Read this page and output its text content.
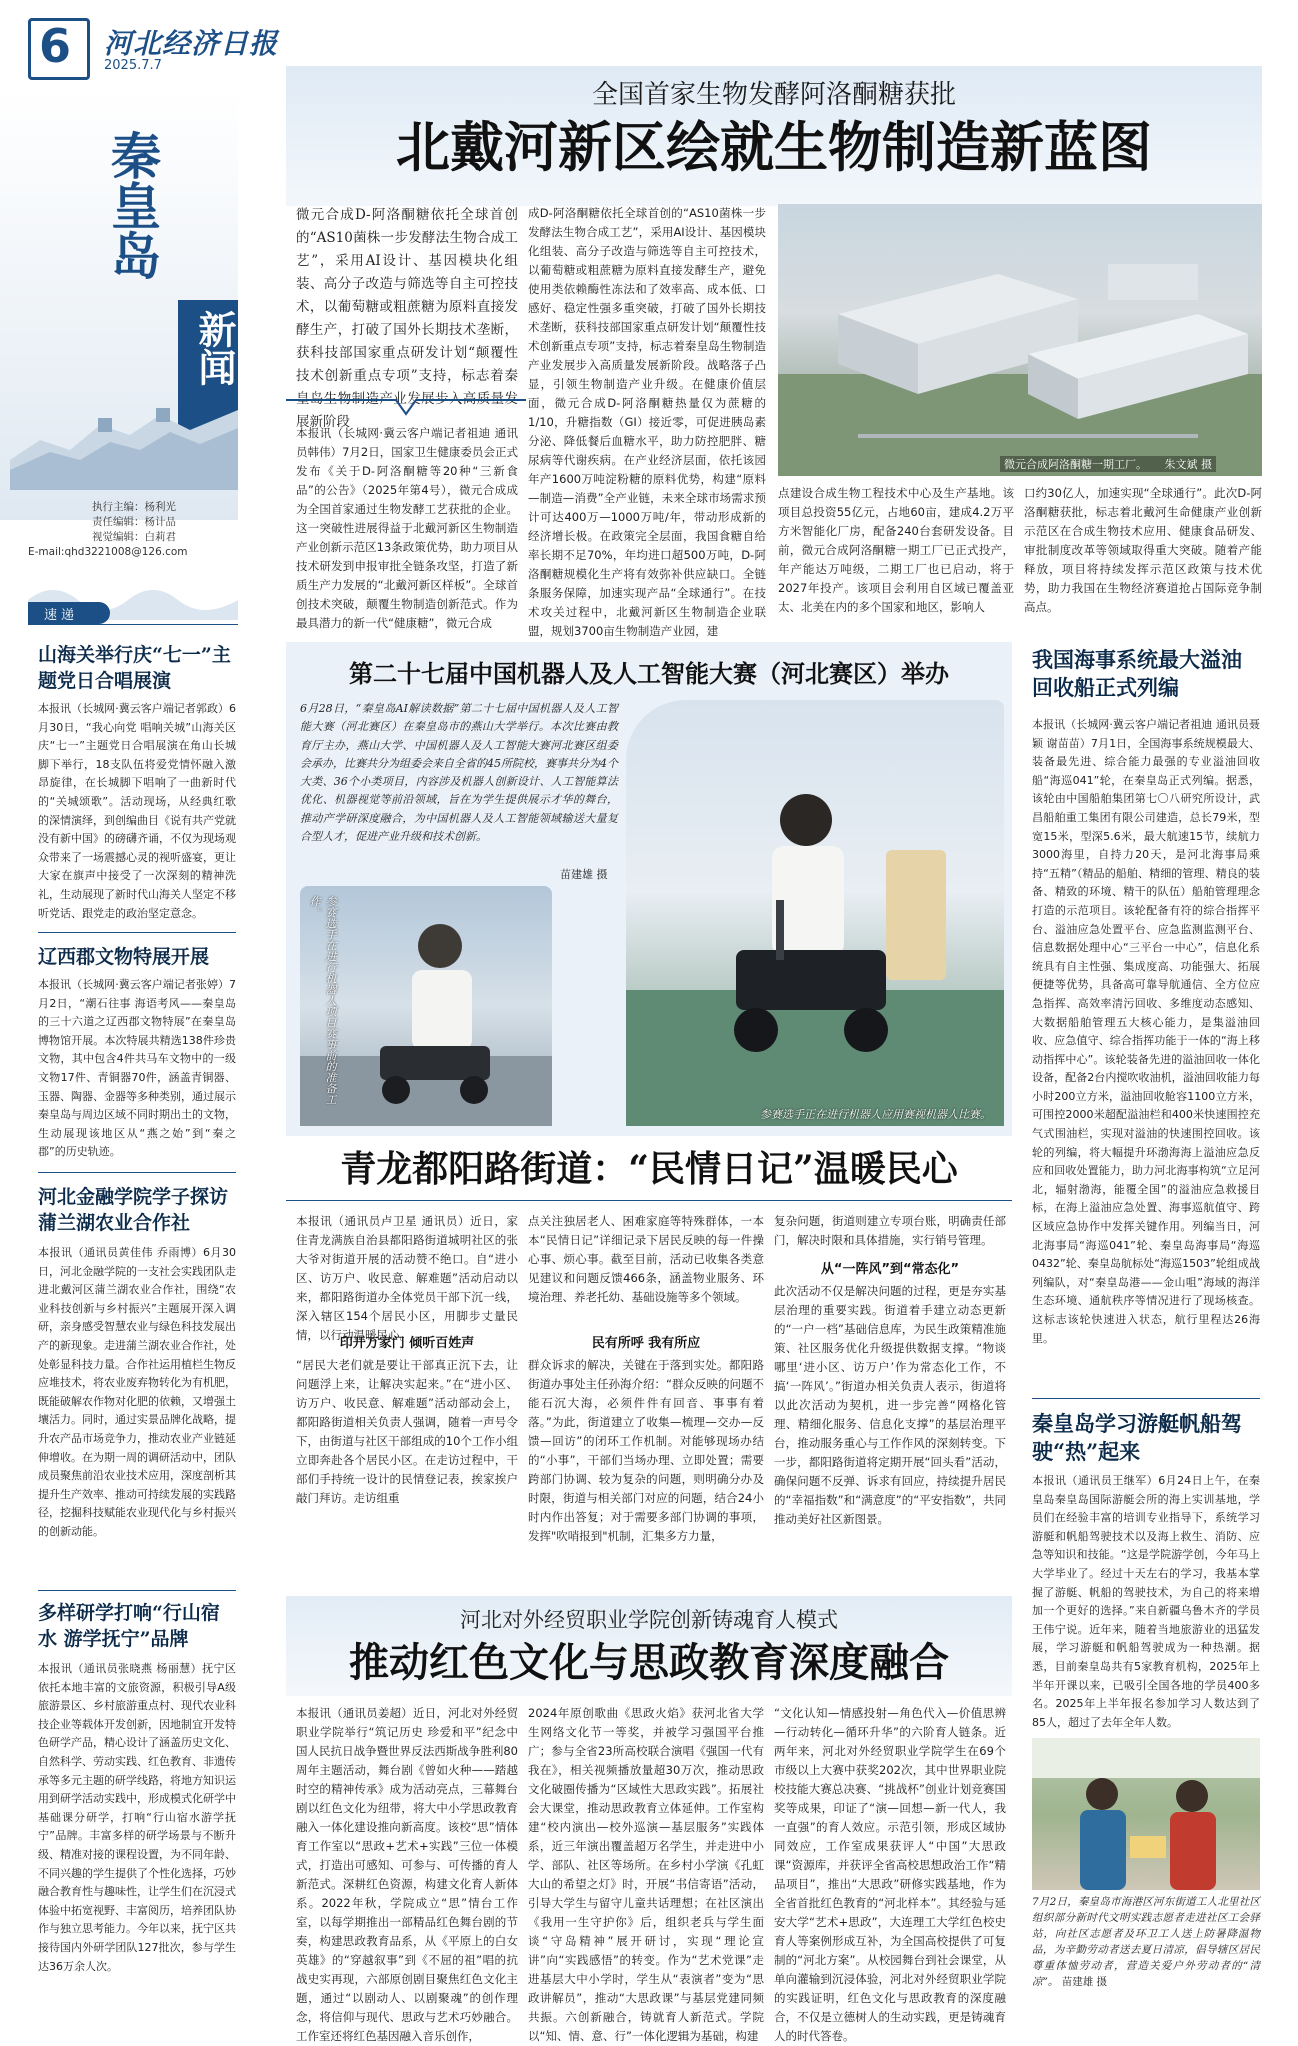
6 河北经济日报
2025.7.7
秦皇岛
新闻
执行主编：杨利光
责任编辑：杨计品
视觉编辑：白莉君
E-mail:qhd3221008@126.com
速递
山海关举行庆“七一”主题党日合唱展演
本报讯（长城网·冀云客户端记者郭政）6月30日，“我心向党 唱响关城”山海关区庆“七一”主题党日合唱展演在角山长城脚下举行，18支队伍将爱党情怀融入激昂旋律，在长城脚下唱响了一曲新时代的“关城颂歌”。活动现场，从经典红歌的深情演绎，到创编曲目《说有共产党就没有新中国》的磅礴齐诵，不仅为现场观众带来了一场震撼心灵的视听盛宴，更让大家在旗声中接受了一次深刻的精神洗礼，生动展现了新时代山海关人坚定不移听党话、跟党走的政治坚定意念。
辽西郡文物特展开展
本报讯（长城网·冀云客户端记者张婷）7月2日，“潮石往事 海语考风——秦皇岛的三十六道之辽西郡文物特展”在秦皇岛博物馆开展。本次特展共精选138件珍贵文物，其中包含4件共马车文物中的一级文物17件、青铜器70件，涵盖青铜器、玉器、陶器、金器等多种类别，通过展示秦皇岛与周边区域不同时期出土的文物，生动展现该地区从“燕之始”到“秦之郡”的历史轨迹。
河北金融学院学子探访蒲兰湖农业合作社
本报讯（通讯员黄佳伟 乔雨博）6月30日，河北金融学院的一支社会实践团队走进北戴河区蒲兰湖农业合作社，围绕“农业科技创新与乡村振兴”主题展开深入调研，亲身感受智慧农业与绿色科技发展出产的新现象。走进蒲兰湖农业合作社，处处彰显科技力量。合作社运用植栏生物反应堆技术，将农业废弃物转化为有机肥，既能破解农作物对化肥的依赖，又增强土壤活力。同时，通过实景品牌化战略，提升农产品市场竞争力，推动农业产业链延伸增收。在为期一周的调研活动中，团队成员聚焦前沿农业技术应用，深度剖析其提升生产效率、推动可持续发展的实践路径，挖掘科技赋能农业现代化与乡村振兴的创新动能。
多样研学打响“行山宿水 游学抚宁”品牌
本报讯（通讯员张晓燕 杨丽慧）抚宁区依托本地丰富的文旅资源，积极引导A级旅游景区、乡村旅游重点村、现代农业科技企业等载体开发创新，因地制宜开发特色研学产品，精心设计了涵盖历史文化、自然科学、劳动实践、红色教育、非遗传承等多元主题的研学线路，将地方知识运用到研学活动实践中，形成模式化研学中基础课分研学，打响“行山宿水游学抚宁”品牌。丰富多样的研学场景与不断升级、精准对接的课程设置，为不同年龄、不同兴趣的学生提供了个性化选择，巧妙融合教育性与趣味性，让学生们在沉浸式体验中拓宽视野、丰富阅历，培养团队协作与独立思考能力。今年以来，抚宁区共接待国内外研学团队127批次，参与学生达36万余人次。
全国首家生物发酵阿洛酮糖获批
北戴河新区绘就生物制造新蓝图
微元合成D-阿洛酮糖依托全球首创的“AS10菌株一步发酵法生物合成工艺”，采用AI设计、基因模块化组装、高分子改造与筛选等自主可控技术，以葡萄糖或粗蔗糖为原料直接发酵生产，打破了国外长期技术垄断，获科技部国家重点研发计划“颠覆性技术创新重点专项”支持，标志着秦皇岛生物制造产业发展步入高质量发展新阶段
本报讯（长城网·冀云客户端记者祖迪 通讯员韩伟）7月2日，国家卫生健康委员会正式发布《关于D-阿洛酮糖等20种“三新食品”的公告》（2025年第4号），微元合成成为全国首家通过生物发酵工艺获批的企业。这一突破性进展得益于北戴河新区生物制造产业创新示范区13条政策优势，助力项目从技术研发到申报审批全链条攻坚，打造了新质生产力发展的“北戴河新区样板”。全球首创技术突破，颠覆生物制造创新范式。作为最具潜力的新一代“健康糖”，微元合成
成D-阿洛酮糖依托全球首创的“AS10菌株一步发酵法生物合成工艺”，采用AI设计、基因模块化组装、高分子改造与筛选等自主可控技术，以葡萄糖或粗蔗糖为原料直接发酵生产，避免使用类依赖酶性冻法和了效率高、成本低、口感好、稳定性强多重突破，打破了国外长期技术垄断，获科技部国家重点研发计划“颠覆性技术创新重点专项”支持，标志着秦皇岛生物制造产业发展步入高质量发展新阶段。战略落子凸显，引领生物制造产业升级。在健康价值层面，微元合成D-阿洛酮糖热量仅为蔗糖的1/10，升糖指数（GI）接近零，可促进胰岛素分泌、降低餐后血糖水平，助力防控肥胖、糖尿病等代谢疾病。在产业经济层面，依托该园年产1600万吨淀粉糖的原料优势，构建“原料—制造—消费”全产业链，未来全球市场需求预计可达400万—1000万吨/年，带动形成新的经济增长极。在政策完全层面，我国食糖自给率长期不足70%，年均进口超500万吨，D-阿洛酮糖规模化生产将有效弥补供应缺口。全链条服务保障，加速实现产品“全球通行”。在技术攻关过程中，北戴河新区生物制造企业联盟，规划3700亩生物制造产业园，建
微元合成阿洛酮糖一期工厂。 朱文斌 摄
点建设合成生物工程技术中心及生产基地。该项目总投资55亿元，占地60亩，建成4.2万平方米智能化厂房，配备240台套研发设备。目前，微元合成阿洛酮糖一期工厂已正式投产，年产能达万吨级，二期工厂也已启动，将于2027年投产。该项目会利用自区域已覆盖亚太、北美在内的多个国家和地区，影响人
口约30亿人，加速实现“全球通行”。此次D-阿洛酮糖获批，标志着北戴河生命健康产业创新示范区在合成生物技术应用、健康食品研发、审批制度改革等领域取得重大突破。随着产能释放，项目将持续发挥示范区政策与技术优势，助力我国在生物经济赛道抢占国际竞争制高点。
第二十七届中国机器人及人工智能大赛（河北赛区）举办
6月28日，“秦皇岛AI解读数据”第二十七届中国机器人及人工智能大赛（河北赛区）在秦皇岛市的燕山大学举行。本次比赛由教育厅主办，燕山大学、中国机器人及人工智能大赛河北赛区组委会承办，比赛共分为组委会来自全省的45所院校，赛事共分为4个大类、36个小类项目，内容涉及机器人创新设计、人工智能算法优化、机器视觉等前沿领域，旨在为学生提供展示才华的舞台，推动产学研深度融合，为中国机器人及人工智能领域输送大量复合型人才，促进产业升级和技术创新。
苗建雄 摄
参赛选手在进行机器人项目赛事前的准备工作。
参赛选手正在进行机器人应用赛视机器人比赛。
青龙都阳路街道：“民情日记”温暖民心
本报讯（通讯员卢卫星 通讯员）近日，家住青龙满族自治县都阳路街道城明社区的张大爷对街道开展的活动赞不绝口。自“进小区、访万户、收民意、解难题”活动启动以来，都阳路街道办全体党员干部下沉一线，深入辖区154个居民小区，用脚步丈量民情，以行动温暖民心。
印开万家门 倾听百姓声
“居民大老们就是要让干部真正沉下去，让问题浮上来，让解决实起来。”在“进小区、访万户、收民意、解难题”活动部动会上，都阳路街道相关负责人强调，随着一声号令下，由街道与社区干部组成的10个工作小组立即奔赴各个居民小区。在走访过程中，干部们手持统一设计的民情登记表，挨家挨户敲门拜访。走访组重
点关注独居老人、困难家庭等特殊群体，一本本“民情日记”详细记录下居民反映的每一件操心事、烦心事。截至目前，活动已收集各类意见建议和问题反馈466条，涵盖物业服务、环境治理、养老托幼、基础设施等多个领域。
民有所呼 我有所应
群众诉求的解决，关键在于落到实处。都阳路街道办事处主任孙海介绍：“群众反映的问题不能石沉大海，必须件件有回音、事事有着落。”为此，街道建立了收集—梳理—交办—反馈—回访”的闭环工作机制。对能够现场办结的“小事”，干部们当场办理、立即处置；需要跨部门协调、较为复杂的问题，则明确分办及时限，街道与相关部门对应的问题，结合24小时内作出答复；对于需要多部门协调的事项，发挥"吹哨报到"机制，汇集多方力量，
复杂问题，街道则建立专项台账，明确责任部门，解决时限和具体措施，实行销号管理。
从“一阵风”到“常态化”
此次活动不仅是解决问题的过程，更是夯实基层治理的重要实践。街道着手建立动态更新的“一户一档”基础信息库，为民生政策精准施策、社区服务优化升级提供数据支撑。“物谈哪里‘进小区、访万户’作为常态化工作，不搞‘一阵风’。”街道办相关负责人表示，街道将以此次活动为契机，进一步完善“网格化管理、精细化服务、信息化支撑”的基层治理平台，推动服务重心与工作作风的深刻转变。下一步，都阳路街道将定期开展“回头看”活动，确保问题不反弹、诉求有回应，持续提升居民的“幸福指数”和“满意度”的“平安指数”，共同推动美好社区新图景。
河北对外经贸职业学院创新铸魂育人模式
推动红色文化与思政教育深度融合
本报讯（通讯员姜超）近日，河北对外经贸职业学院举行“筑记历史 珍爱和平”纪念中国人民抗日战争暨世界反法西斯战争胜利80周年主题活动，舞台剧《曾如火种——踏越时空的精神传承》成为活动亮点，三幕舞台剧以红色文化为纽带，将大中小学思政教育融入一体化建设推向新高度。该校“思”情体育工作室以“思政+艺术+实践”三位一体模式，打造出可感知、可参与、可传播的育人新范式。深耕红色资源，构建文化育人新体系。2022年秋，学院成立“思”情台工作室，以每学期推出一部精品红色舞台剧的节奏，构建思政教育品系，从《平原上的白女英雄》的“穿越叙事”到《不屈的祖”唱的抗战史实再现，六部原创剧目聚焦红色文化主题，通过“以剧动人、以剧聚魂”的创作理念，将信仰与现代、思政与艺术巧妙融合。工作室还将红色基因融入音乐创作，
2024年原创歌曲《思政火焰》获河北省大学生网络文化节一等奖，并被学习强国平台推广；参与全省23所高校联合演唱《强国一代有我在》，相关视频播放量超30万次，推动思政文化破圈传播为“区域性大思政实践”。拓展社会大课堂，推动思政教育立体延伸。工作室构建“校内演出—校外巡演—基层服务”实践体系，近三年演出覆盖超万名学生，并走进中小学、部队、社区等场所。在乡村小学演《孔虹大山的希望之灯》时，开展“书信寄语”活动，引导大学生与留守儿童共话理想；在社区演出《我用一生守护你》后，组织老兵与学生面谈“守岛精神”展开研讨，实现“理论宣讲”向“实践感悟”的转变。作为“艺术党课”走进基层大中小学时，学生从“表演者”变为“思政讲解员”，推动“大思政课”与基层党建同频共振。六创新融合，铸就育人新范式。学院以“知、情、意、行”一体化逻辑为基础，构建
“文化认知—情感投射—角色代入—价值思辨—行动转化—循环升华”的六阶育人链条。近两年来，河北对外经贸职业学院学生在69个市级以上大赛中获奖202次，其中世界职业院校技能大赛总决赛、“挑战杯”创业计划竞赛国奖等成果，印证了“演—回想—新一代人，我一直强”的育人效应。示范引领，形成区域协同效应，工作室成果获评人“中国”大思政课“资源库，并获评全省高校思想政治工作“精品项目”，推出“大思政”研修实践基地，作为全省首批红色教育的“河北样本”。其经验与延安大学“艺术+思政”，大连理工大学红色校史育人等案例形成互补，为全国高校提供了可复制的“河北方案”。从校园舞台到社会课堂，从单向灌输到沉浸体验，河北对外经贸职业学院的实践证明，红色文化与思政教育的深度融合，不仅是立德树人的生动实践，更是铸魂育人的时代答卷。
我国海事系统最大溢油回收船正式列编
本报讯（长城网·冀云客户端记者祖迪 通讯员聂颖 谢苗苗）7月1日，全国海事系统规模最大、装备最先进、综合能力最强的专业溢油回收船“海巡041”轮，在秦皇岛正式列编。据悉，该轮由中国船舶集团第七〇八研究所设计，武昌船舶重工集团有限公司建造，总长79米，型宽15米，型深5.6米，最大航速15节，续航力3000海里，自持力20天，是河北海事局乘持“五精”（精品的船舶、精细的管理、精良的装备、精致的环境、精干的队伍）船舶管理理念打造的示范项目。该轮配备有符的综合指挥平台、溢油应急处置平台、应急监测监测平台、信息数据处理中心“三平台一中心”，信息化系统具有自主性强、集成度高、功能强大、拓展便捷等优势，具备高可靠导航通信、全方位应急指挥、高效率清污回收、多维度动态感知、大数据船舶管理五大核心能力，是集溢油回收、应急值守、综合指挥功能于一体的“海上移动指挥中心”。该轮装备先进的溢油回收一体化设备，配备2台内搅吹收油机，溢油回收能力每小时200立方米，溢油回收舱容1100立方米，可围控2000米超配溢油栏和400米快速围控充气式围油栏，实现对溢油的快速围控回收。该轮的列编，将大幅提升环渤海海上溢油应急反应和回收处置能力，助力河北海事构筑“立足河北，辐射渤海，能覆全国”的溢油应急救援目标，在海上溢油应急处置、海事巡航值守、跨区域应急协作中发挥关键作用。列编当日，河北海事局“海巡041”轮、秦皇岛海事局“海巡0432”轮、秦皇岛航标处“海巡1503”轮组成战列编队，对“秦皇岛港——金山咀”海域的海洋生态环境、通航秩序等情况进行了现场核查。这标志该轮快速进入状态，航行里程达26海里。
秦皇岛学习游艇帆船驾驶“热”起来
本报讯（通讯员王继军）6月24日上午，在秦皇岛秦皇岛国际游艇会所的海上实训基地，学员们在经验丰富的培训专业指导下，系统学习游艇和帆船驾驶技术以及海上救生、消防、应急等知识和技能。“这是学院游学创，今年马上大学毕业了。经过十天左右的学习，我基本掌握了游艇、帆船的驾驶技术，为自己的将来增加一个更好的选择。”来自新疆乌鲁木齐的学员王伟宁说。近年来，随着当地旅游业的迅猛发展，学习游艇和帆船驾驶成为一种热潮。据悉，目前秦皇岛共有5家教育机构，2025年上半年开课以来，已吸引全国各地的学员400多名。2025年上半年报名参加学习人数达到了85人，超过了去年全年人数。
7月2日，秦皇岛市海港区河东街道工人北里社区组织部分新时代文明实践志愿者走进社区工会驿站，向社区志愿者及环卫工人送上防暑降温物品，为辛勤劳动者送去夏日清凉，倡导辖区居民尊重体恤劳动者，营造关爱户外劳动者的“清凉”。 苗建雄 摄
